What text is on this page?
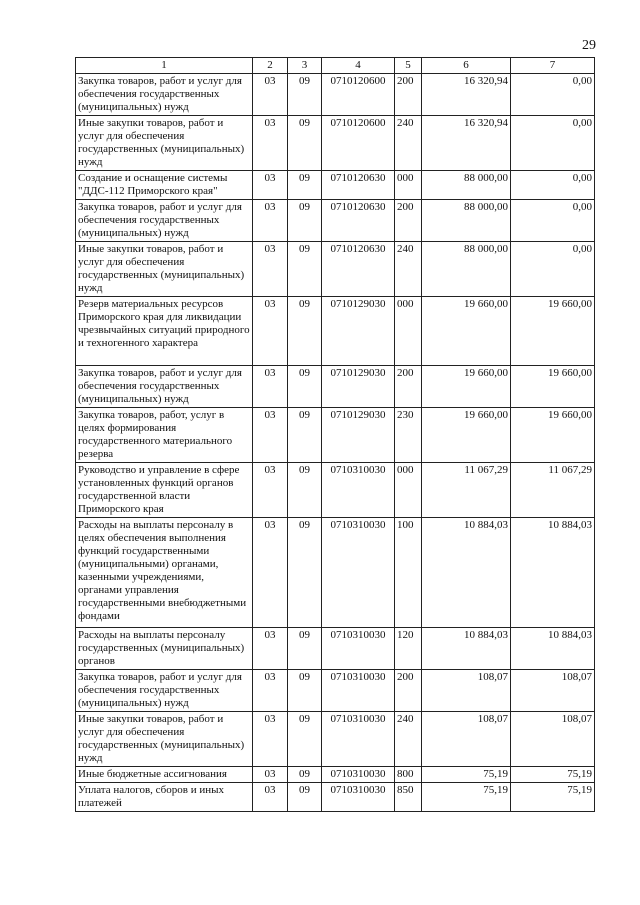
29
1	2	3	4	5	6	7
Закупка товаров, работ и услуг для обеспечения государственных (муниципальных) нужд	03	09	0710120600	200	16 320,94	0,00
Иные закупки товаров, работ и услуг для обеспечения государственных (муниципальных) нужд	03	09	0710120600	240	16 320,94	0,00
Создание и оснащение системы "ДДС-112 Приморского края"	03	09	0710120630	000	88 000,00	0,00
Закупка товаров, работ и услуг для обеспечения государственных (муниципальных) нужд	03	09	0710120630	200	88 000,00	0,00
Иные закупки товаров, работ и услуг для обеспечения государственных (муниципальных) нужд	03	09	0710120630	240	88 000,00	0,00
Резерв материальных ресурсов Приморского края для ликвидации чрезвычайных ситуаций природного и техногенного характера	03	09	0710129030	000	19 660,00	19 660,00
Закупка товаров, работ и услуг для обеспечения государственных (муниципальных) нужд	03	09	0710129030	200	19 660,00	19 660,00
Закупка товаров, работ, услуг в целях формирования государственного материального резерва	03	09	0710129030	230	19 660,00	19 660,00
Руководство и управление в сфере установленных функций органов государственной власти Приморского края	03	09	0710310030	000	11 067,29	11 067,29
Расходы на выплаты персоналу в целях обеспечения выполнения функций государственными (муниципальными) органами, казенными учреждениями, органами управления государственными внебюджетными фондами	03	09	0710310030	100	10 884,03	10 884,03
Расходы на выплаты персоналу государственных (муниципальных) органов	03	09	0710310030	120	10 884,03	10 884,03
Закупка товаров, работ и услуг для обеспечения государственных (муниципальных) нужд	03	09	0710310030	200	108,07	108,07
Иные закупки товаров, работ и услуг для обеспечения государственных (муниципальных) нужд	03	09	0710310030	240	108,07	108,07
Иные бюджетные ассигнования	03	09	0710310030	800	75,19	75,19
Уплата налогов, сборов и иных платежей	03	09	0710310030	850	75,19	75,19
